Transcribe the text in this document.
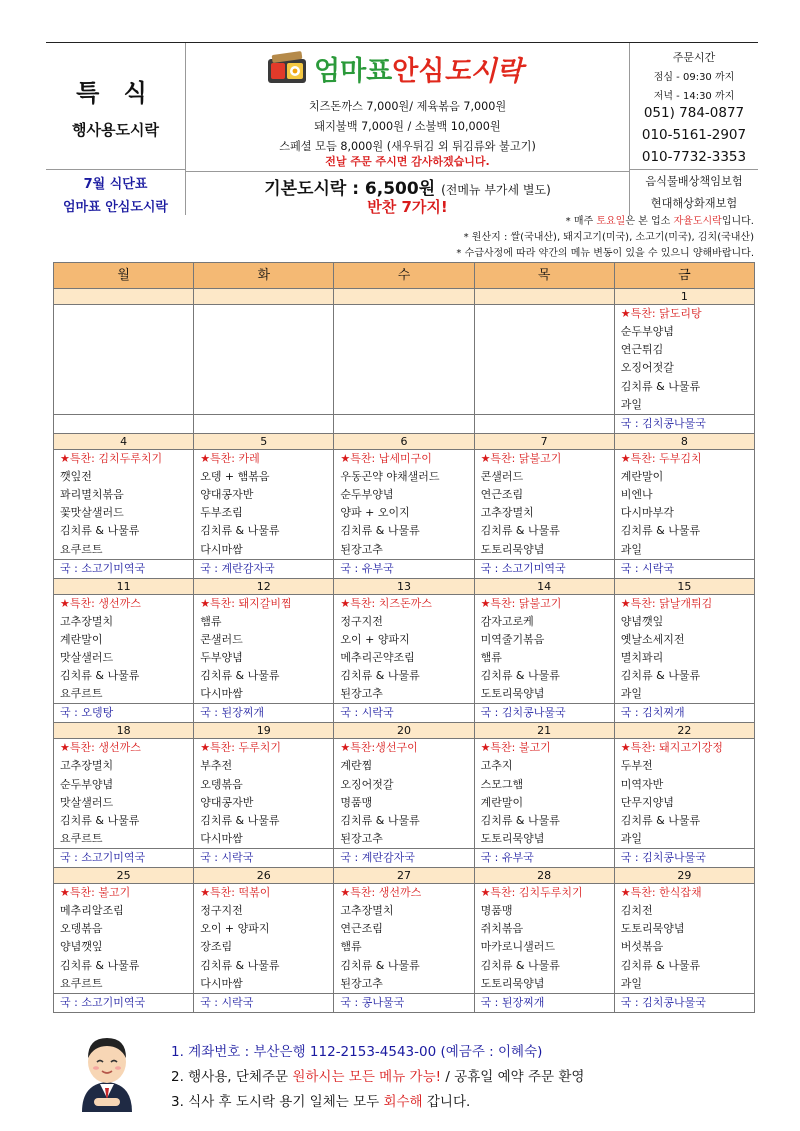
특 식
행사용도시락
7월 식단표
엄마표 안심도시락
엄마표안심도시락
치즈돈까스 7,000원/ 제육볶음 7,000원
돼지불백 7,000원 / 소불백 10,000원
스페셜 모듬 8,000원 (새우튀김 외 튀김류와 불고기)
전날 주문 주시면 감사하겠습니다.
기본도시락 : 6,500원 (전메뉴 부가세 별도)
반찬 7가지!
주문시간
점심 - 09:30 까지
저녁 - 14:30 까지
051) 784-0877
010-5161-2907
010-7732-3353
음식물배상책임보험
현대해상화재보험
* 매주 토요일은 본 업소 자율도시락입니다.
* 원산지 : 쌀(국내산), 돼지고기(미국), 소고기(미국), 김치(국내산)
* 수급사정에 따라 약간의 메뉴 변동이 있을 수 있으니 양해바랍니다.
월	화	수	목	금
				1
				★특찬: 닭도리탕
				순두부양념
				연근튀김
				오징어젓갈
				김치류 & 나물류
				과일
				국 : 김치콩나물국
4	5	6	7	8
★특찬: 김치두루치기	★특찬: 카레	★특찬: 납세미구이	★특찬: 닭불고기	★특찬: 두부김치
깻잎전	오뎅 + 햄볶음	우동곤약 야채샐러드	콘샐러드	계란말이
꽈리멸치볶음	양대콩자반	순두부양념	연근조림	비엔나
꽃맛살샐러드	두부조림	양파 + 오이지	고추장멸치	다시마부각
김치류 & 나물류	김치류 & 나물류	김치류 & 나물류	김치류 & 나물류	김치류 & 나물류
요쿠르트	다시마쌈	된장고추	도토리묵양념	과일
국 : 소고기미역국	국 : 계란감자국	국 : 유부국	국 : 소고기미역국	국 : 시락국
11	12	13	14	15
★특찬: 생선까스	★특찬: 돼지갈비찜	★특찬: 치즈돈까스	★특찬: 닭불고기	★특찬: 닭날개튀김
고추장멸치	햄류	정구지전	감자고로케	양념깻잎
계란말이	콘샐러드	오이 + 양파지	미역줄기볶음	옛날소세지전
맛살샐러드	두부양념	메추리곤약조림	햄류	멸치꽈리
김치류 & 나물류	김치류 & 나물류	김치류 & 나물류	김치류 & 나물류	김치류 & 나물류
요쿠르트	다시마쌈	된장고추	도토리묵양념	과일
국 : 오뎅탕	국 : 된장찌개	국 : 시락국	국 : 김치콩나물국	국 : 김치찌개
18	19	20	21	22
★특찬: 생선까스	★특찬: 두루치기	★특찬:생선구이	★특찬: 불고기	★특찬: 돼지고기강정
고추장멸치	부추전	계란찜	고추지	두부전
순두부양념	오뎅볶음	오징어젓갈	스모그햄	미역자반
맛살샐러드	양대콩자반	명품맹	계란말이	단무지양념
김치류 & 나물류	김치류 & 나물류	김치류 & 나물류	김치류 & 나물류	김치류 & 나물류
요쿠르트	다시마쌈	된장고추	도토리묵양념	과일
국 : 소고기미역국	국 : 시락국	국 : 계란감자국	국 : 유부국	국 : 김치콩나물국
25	26	27	28	29
★특찬: 불고기	★특찬: 떡볶이	★특찬: 생선까스	★특찬: 김치두루치기	★특찬: 한식잡채
메추리알조림	정구지전	고추장멸치	명품맹	김치전
오뎅볶음	오이 + 양파지	연근조림	쥐치볶음	도토리묵양념
양념깻잎	장조림	햄류	마카로니샐러드	버섯볶음
김치류 & 나물류	김치류 & 나물류	김치류 & 나물류	김치류 & 나물류	김치류 & 나물류
요쿠르트	다시마쌈	된장고추	도토리묵양념	과일
국 : 소고기미역국	국 : 시락국	국 : 콩나물국	국 : 된장찌개	국 : 김치콩나물국
1. 계좌번호 : 부산은행 112-2153-4543-00 (예금주 : 이혜숙)
2. 행사용, 단체주문 원하시는 모든 메뉴 가능! / 공휴일 예약 주문 환영
3. 식사 후 도시락 용기 일체는 모두 회수해 갑니다.
